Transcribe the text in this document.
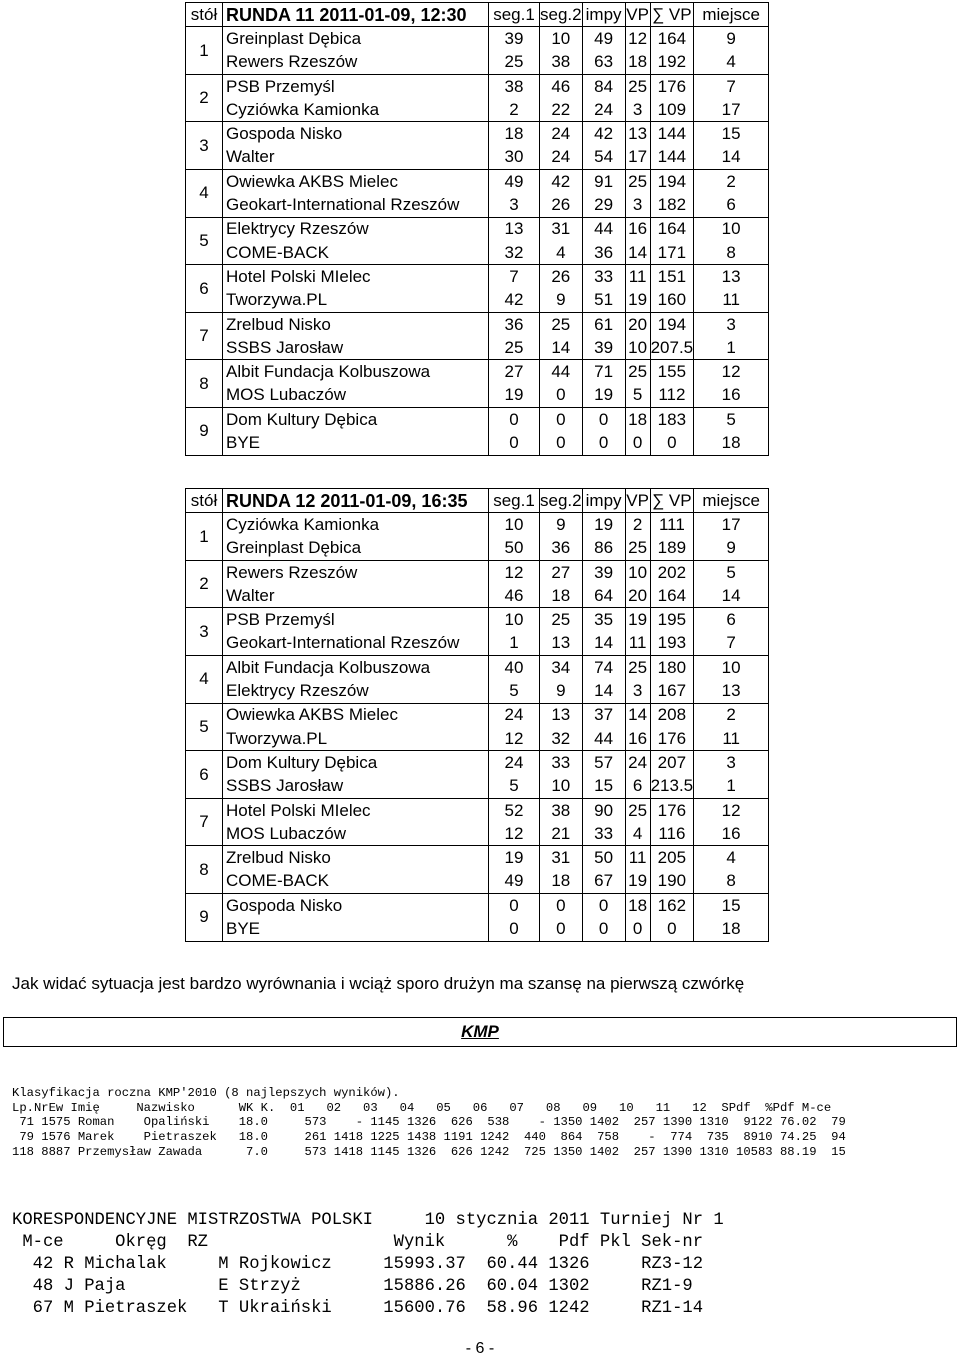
stół	RUNDA 11 2011-01-09, 12:30	seg.1	seg.2	impy	VP	∑ VP	miejsce
1	Greinplast Dębica	39	10	49	12	164	9
	Rewers Rzeszów	25	38	63	18	192	4
2	PSB Przemyśl	38	46	84	25	176	7
	Cyziówka Kamionka	2	22	24	3	109	17
3	Gospoda Nisko	18	24	42	13	144	15
	Walter	30	24	54	17	144	14
4	Owiewka AKBS Mielec	49	42	91	25	194	2
	Geokart-International Rzeszów	3	26	29	3	182	6
5	Elektrycy Rzeszów	13	31	44	16	164	10
	COME-BACK	32	4	36	14	171	8
6	Hotel Polski MIelec	7	26	33	11	151	13
	Tworzywa.PL	42	9	51	19	160	11
7	Zrelbud Nisko	36	25	61	20	194	3
	SSBS Jarosław	25	14	39	10	207.5	1
8	Albit Fundacja Kolbuszowa	27	44	71	25	155	12
	MOS Lubaczów	19	0	19	5	112	16
9	Dom Kultury Dębica	0	0	0	18	183	5
	BYE	0	0	0	0	0	18
stół	RUNDA 12 2011-01-09, 16:35	seg.1	seg.2	impy	VP	∑ VP	miejsce
1	Cyziówka Kamionka	10	9	19	2	111	17
	Greinplast Dębica	50	36	86	25	189	9
2	Rewers Rzeszów	12	27	39	10	202	5
	Walter	46	18	64	20	164	14
3	PSB Przemyśl	10	25	35	19	195	6
	Geokart-International Rzeszów	1	13	14	11	193	7
4	Albit Fundacja Kolbuszowa	40	34	74	25	180	10
	Elektrycy Rzeszów	5	9	14	3	167	13
5	Owiewka AKBS Mielec	24	13	37	14	208	2
	Tworzywa.PL	12	32	44	16	176	11
6	Dom Kultury Dębica	24	33	57	24	207	3
	SSBS Jarosław	5	10	15	6	213.5	1
7	Hotel Polski MIelec	52	38	90	25	176	12
	MOS Lubaczów	12	21	33	4	116	16
8	Zrelbud Nisko	19	31	50	11	205	4
	COME-BACK	49	18	67	19	190	8
9	Gospoda Nisko	0	0	0	18	162	15
	BYE	0	0	0	0	0	18
Jak widać sytuacja jest bardzo wyrównania i wciąż sporo drużyn ma szansę na pierwszą czwórkę
KMP

Klasyfikacja roczna KMP'2010 (8 najlepszych wyników).
Lp.NrEw Imię     Nazwisko      WK K.  01   02   03   04   05   06   07   08   09   10   11   12  SPdf  %Pdf M-ce
71 1575 Roman    Opaliński    18.0     573    - 1145 1326  626  538    - 1350 1402  257 1390 1310  9122 76.02  79
79 1576 Marek    Pietraszek   18.0     261 1418 1225 1438 1191 1242  440  864  758    -  774  735  8910 74.25  94
118 8887 Przemysław Zawada      7.0     573 1418 1145 1326  626 1242  725 1350 1402  257 1390 1310 10583 88.19  15

KORESPONDENCYJNE MISTRZOSTWA POLSKI     10 stycznia 2011 Turniej Nr 1
M-ce     Okręg  RZ                  Wynik      %    Pdf Pkl Sek-nr
42 R Michalak     M Rojkowicz     15993.37  60.44 1326     RZ3-12
48 J Paja         E Strzyż        15886.26  60.04 1302     RZ1-9
67 M Pietraszek   T Ukraiński     15600.76  58.96 1242     RZ1-14

- 6 -
